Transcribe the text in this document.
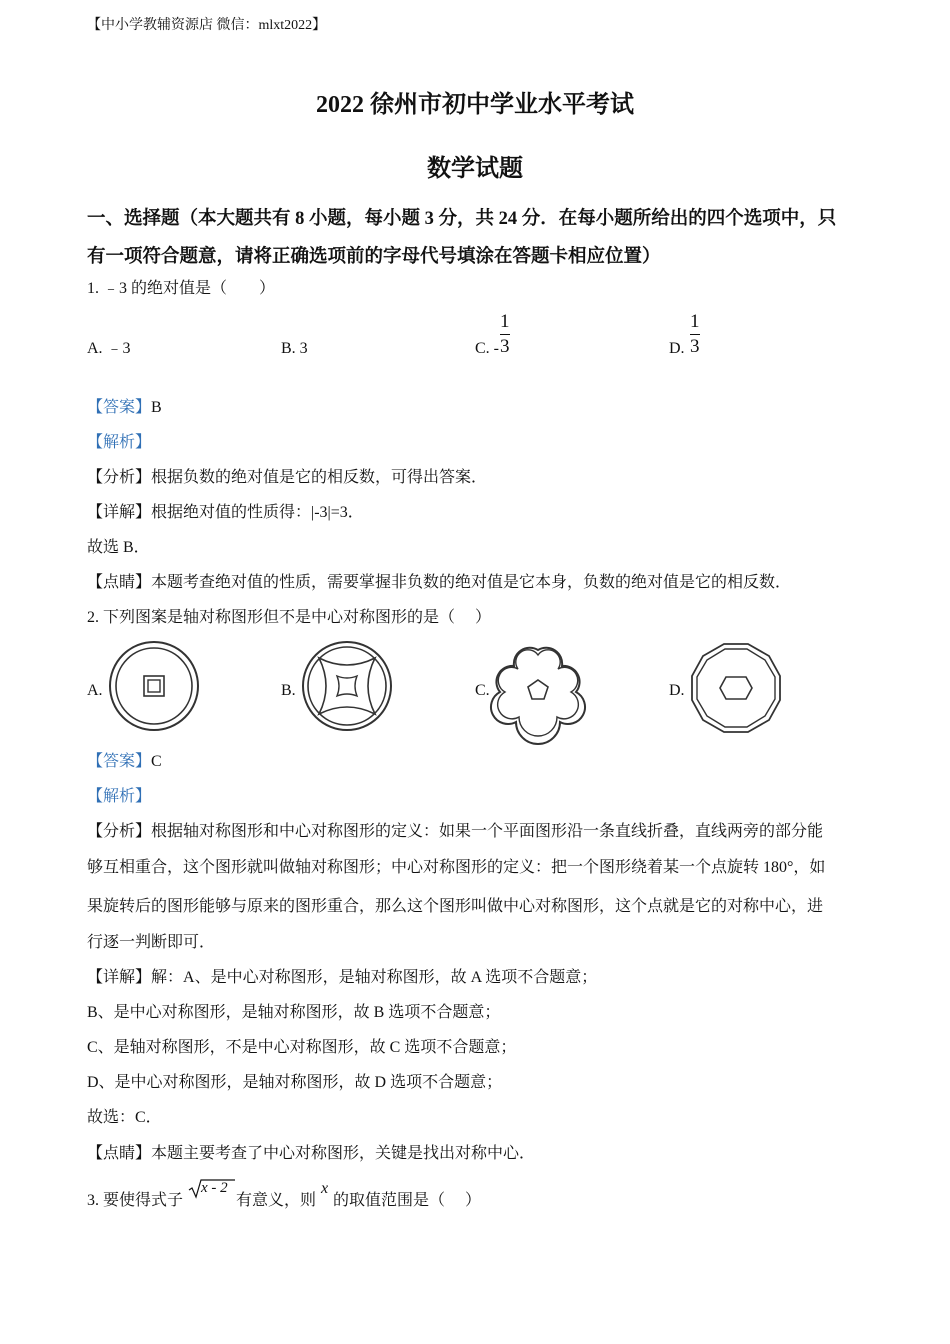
【中小学教辅资源店 微信：mlxt2022】
2022 徐州市初中学业水平考试
数学试题
一、选择题（本大题共有 8 小题，每小题 3 分，共 24 分．在每小题所给出的四个选项中，只
有一项符合题意，请将正确选项前的字母代号填涂在答题卡相应位置）
1. ﹣3 的绝对值是（　　）
A. ﹣3	B. 3	C. -
1
3	D.
1
3
【答案】B
【解析】
【分析】根据负数的绝对值是它的相反数，可得出答案．
【详解】根据绝对值的性质得：|-3|=3．
故选 B．
【点睛】本题考查绝对值的性质，需要掌握非负数的绝对值是它本身，负数的绝对值是它的相反数．
2. 下列图案是轴对称图形但不是中心对称图形的是（　 ）
A.	B.	C.	D.
【答案】C
【解析】
【分析】根据轴对称图形和中心对称图形的定义：如果一个平面图形沿一条直线折叠，直线两旁的部分能
够互相重合，这个图形就叫做轴对称图形；中心对称图形的定义：把一个图形绕着某一个点旋转 180°，如
果旋转后的图形能够与原来的图形重合，那么这个图形叫做中心对称图形，这个点就是它的对称中心，进
行逐一判断即可．
【详解】解：A、是中心对称图形，是轴对称图形，故 A 选项不合题意；
B、是中心对称图形，是轴对称图形，故 B 选项不合题意；
C、是轴对称图形，不是中心对称图形，故 C 选项不合题意；
D、是中心对称图形，是轴对称图形，故 D 选项不合题意；
故选：C．
【点睛】本题主要考查了中心对称图形，关键是找出对称中心．
3. 要使得式子
x - 2
有意义，则
x
的取值范围是（　 ）
